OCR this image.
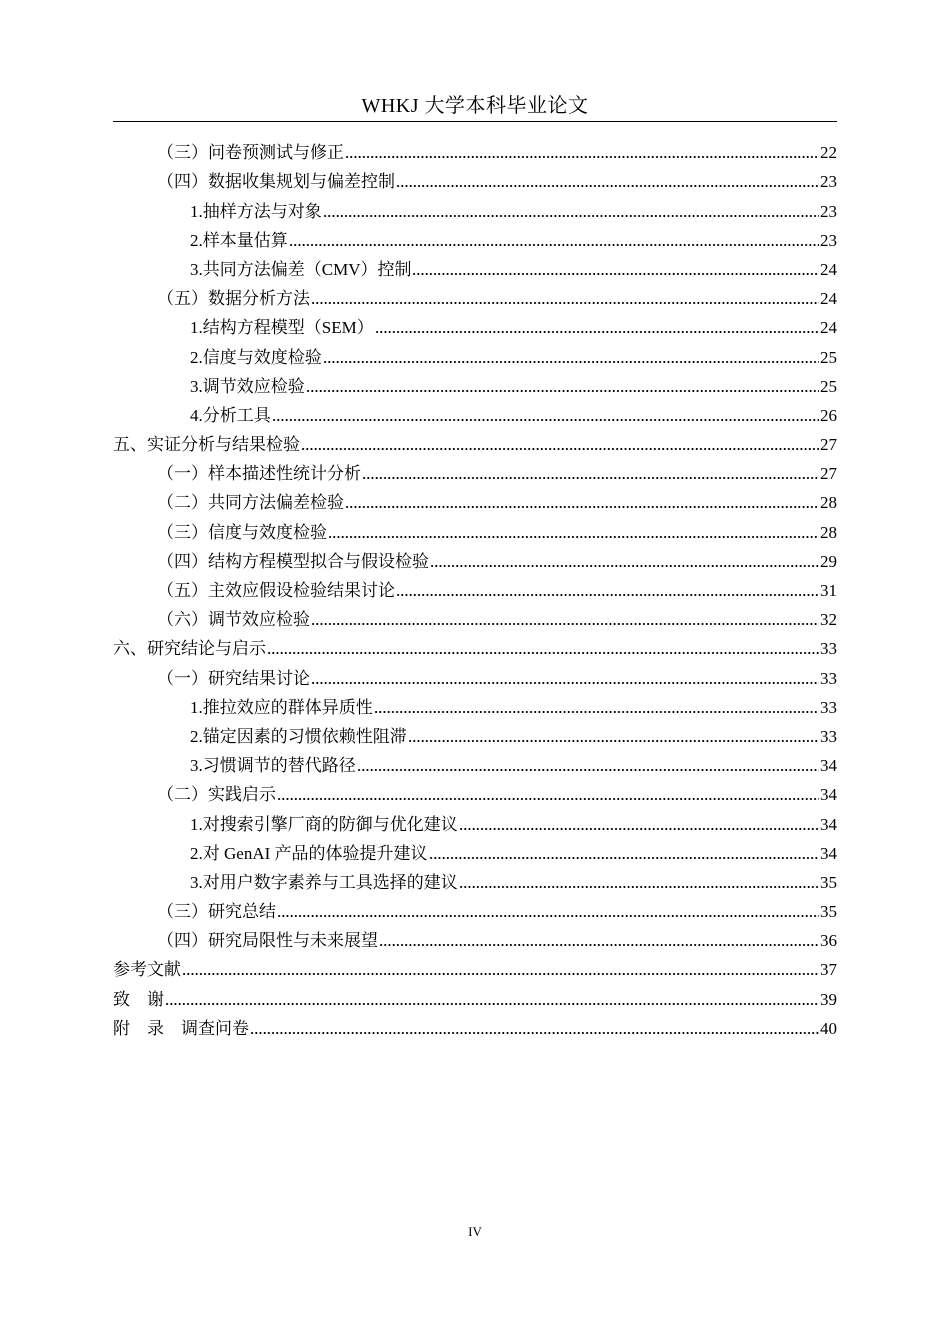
WHKJ 大学本科毕业论文
（三）问卷预测试与修正	22
（四）数据收集规划与偏差控制	23
1.抽样方法与对象	23
2.样本量估算	23
3.共同方法偏差（CMV）控制	24
（五）数据分析方法	24
1.结构方程模型（SEM）	24
2.信度与效度检验	25
3.调节效应检验	25
4.分析工具	26
五、实证分析与结果检验	27
（一）样本描述性统计分析	27
（二）共同方法偏差检验	28
（三）信度与效度检验	28
（四）结构方程模型拟合与假设检验	29
（五）主效应假设检验结果讨论	31
（六）调节效应检验	32
六、研究结论与启示	33
（一）研究结果讨论	33
1.推拉效应的群体异质性	33
2.锚定因素的习惯依赖性阻滞	33
3.习惯调节的替代路径	34
（二）实践启示	34
1.对搜索引擎厂商的防御与优化建议	34
2.对 GenAI 产品的体验提升建议	34
3.对用户数字素养与工具选择的建议	35
（三）研究总结	35
（四）研究局限性与未来展望	36
参考文献	37
致　谢	39
附　录　调查问卷	40
IV
